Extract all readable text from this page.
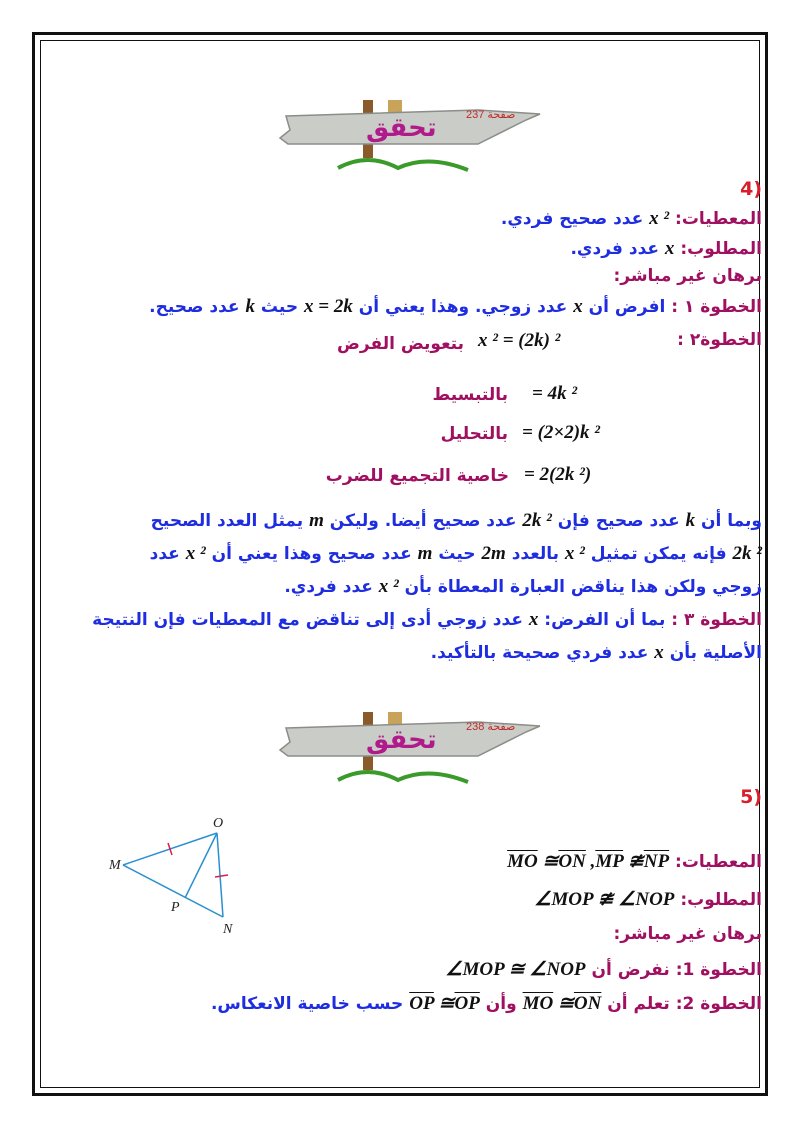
تحقق	صفحة 237
(4
المعطيات: x ² عدد صحيح فردي.
المطلوب: x عدد فردي.
برهان غير مباشر:
الخطوة ١ : افرض أن x عدد زوجي. وهذا يعني أن x = 2k حيث k عدد صحيح.
الخطوة٢ :
بتعويض الفرض x ² = (2k) ²
بالتبسيط = 4k ²
بالتحليل = (2×2)k ²
خاصية التجميع للضرب = 2(2k ²)
وبما أن k عدد صحيح فإن 2k ² عدد صحيح أيضا. وليكن m يمثل العدد الصحيح
2k ² فإنه يمكن تمثيل x ² بالعدد 2m حيث m عدد صحيح وهذا يعني أن x ² عدد
زوجي ولكن هذا يناقض العبارة المعطاة بأن x ² عدد فردي.
الخطوة ٣ : بما أن الفرض: x عدد زوجي أدى إلى تناقض مع المعطيات فإن النتيجة
الأصلية بأن x عدد فردي صحيحة بالتأكيد.
تحقق	صفحة 238
(5
O
M
P
N
المعطيات: $\overline{MO}$ $≅\overline{ON}$ $,\overline{MP}$ $≇\overline{NP}$
المطلوب: ∠MOP ≇ ∠NOP
برهان غير مباشر:
الخطوة 1: نفرض أن ∠MOP ≅ ∠NOP
الخطوة 2: تعلم أن $\overline{MO}$ $≅\overline{ON}$ وأن $\overline{OP}$ $≅\overline{OP}$ حسب خاصية الانعكاس.
